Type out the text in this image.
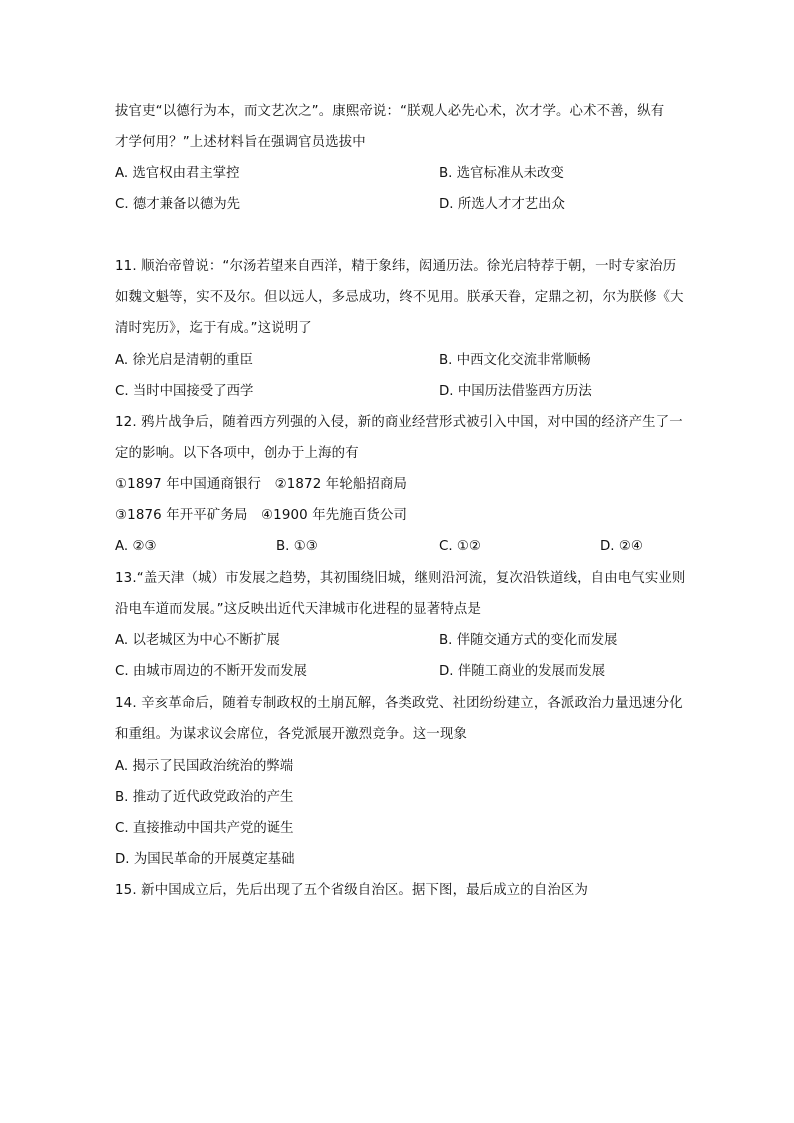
拔官吏“以德行为本，而文艺次之”。康熙帝说：“朕观人必先心术，次才学。心术不善，纵有
才学何用？”上述材料旨在强调官员选拔中
A. 选官权由君主掌控	B. 选官标准从未改变
C. 德才兼备以德为先	D. 所选人才才艺出众
11. 顺治帝曾说：“尔汤若望来自西洋，精于象纬，闳通历法。徐光启特荐于朝，一时专家治历
如魏文魁等，实不及尔。但以远人，多忌成功，终不见用。朕承天眷，定鼎之初，尔为朕修《大
清时宪历》，迄于有成。”这说明了
A. 徐光启是清朝的重臣	B. 中西文化交流非常顺畅
C. 当时中国接受了西学	D. 中国历法借鉴西方历法
12. 鸦片战争后，随着西方列强的入侵，新的商业经营形式被引入中国，对中国的经济产生了一
定的影响。以下各项中，创办于上海的有
①1897 年中国通商银行　②1872 年轮船招商局
③1876 年开平矿务局　④1900 年先施百货公司
A. ②③	B. ①③	C. ①②	D. ②④
13.“盖天津（城）市发展之趋势，其初围绕旧城，继则沿河流，复次沿铁道线，自由电气实业则
沿电车道而发展。”这反映出近代天津城市化进程的显著特点是
A. 以老城区为中心不断扩展	B. 伴随交通方式的变化而发展
C. 由城市周边的不断开发而发展	D. 伴随工商业的发展而发展
14. 辛亥革命后，随着专制政权的土崩瓦解，各类政党、社团纷纷建立，各派政治力量迅速分化
和重组。为谋求议会席位，各党派展开激烈竞争。这一现象
A. 揭示了民国政治统治的弊端
B. 推动了近代政党政治的产生
C. 直接推动中国共产党的诞生
D. 为国民革命的开展奠定基础
15. 新中国成立后，先后出现了五个省级自治区。据下图，最后成立的自治区为
